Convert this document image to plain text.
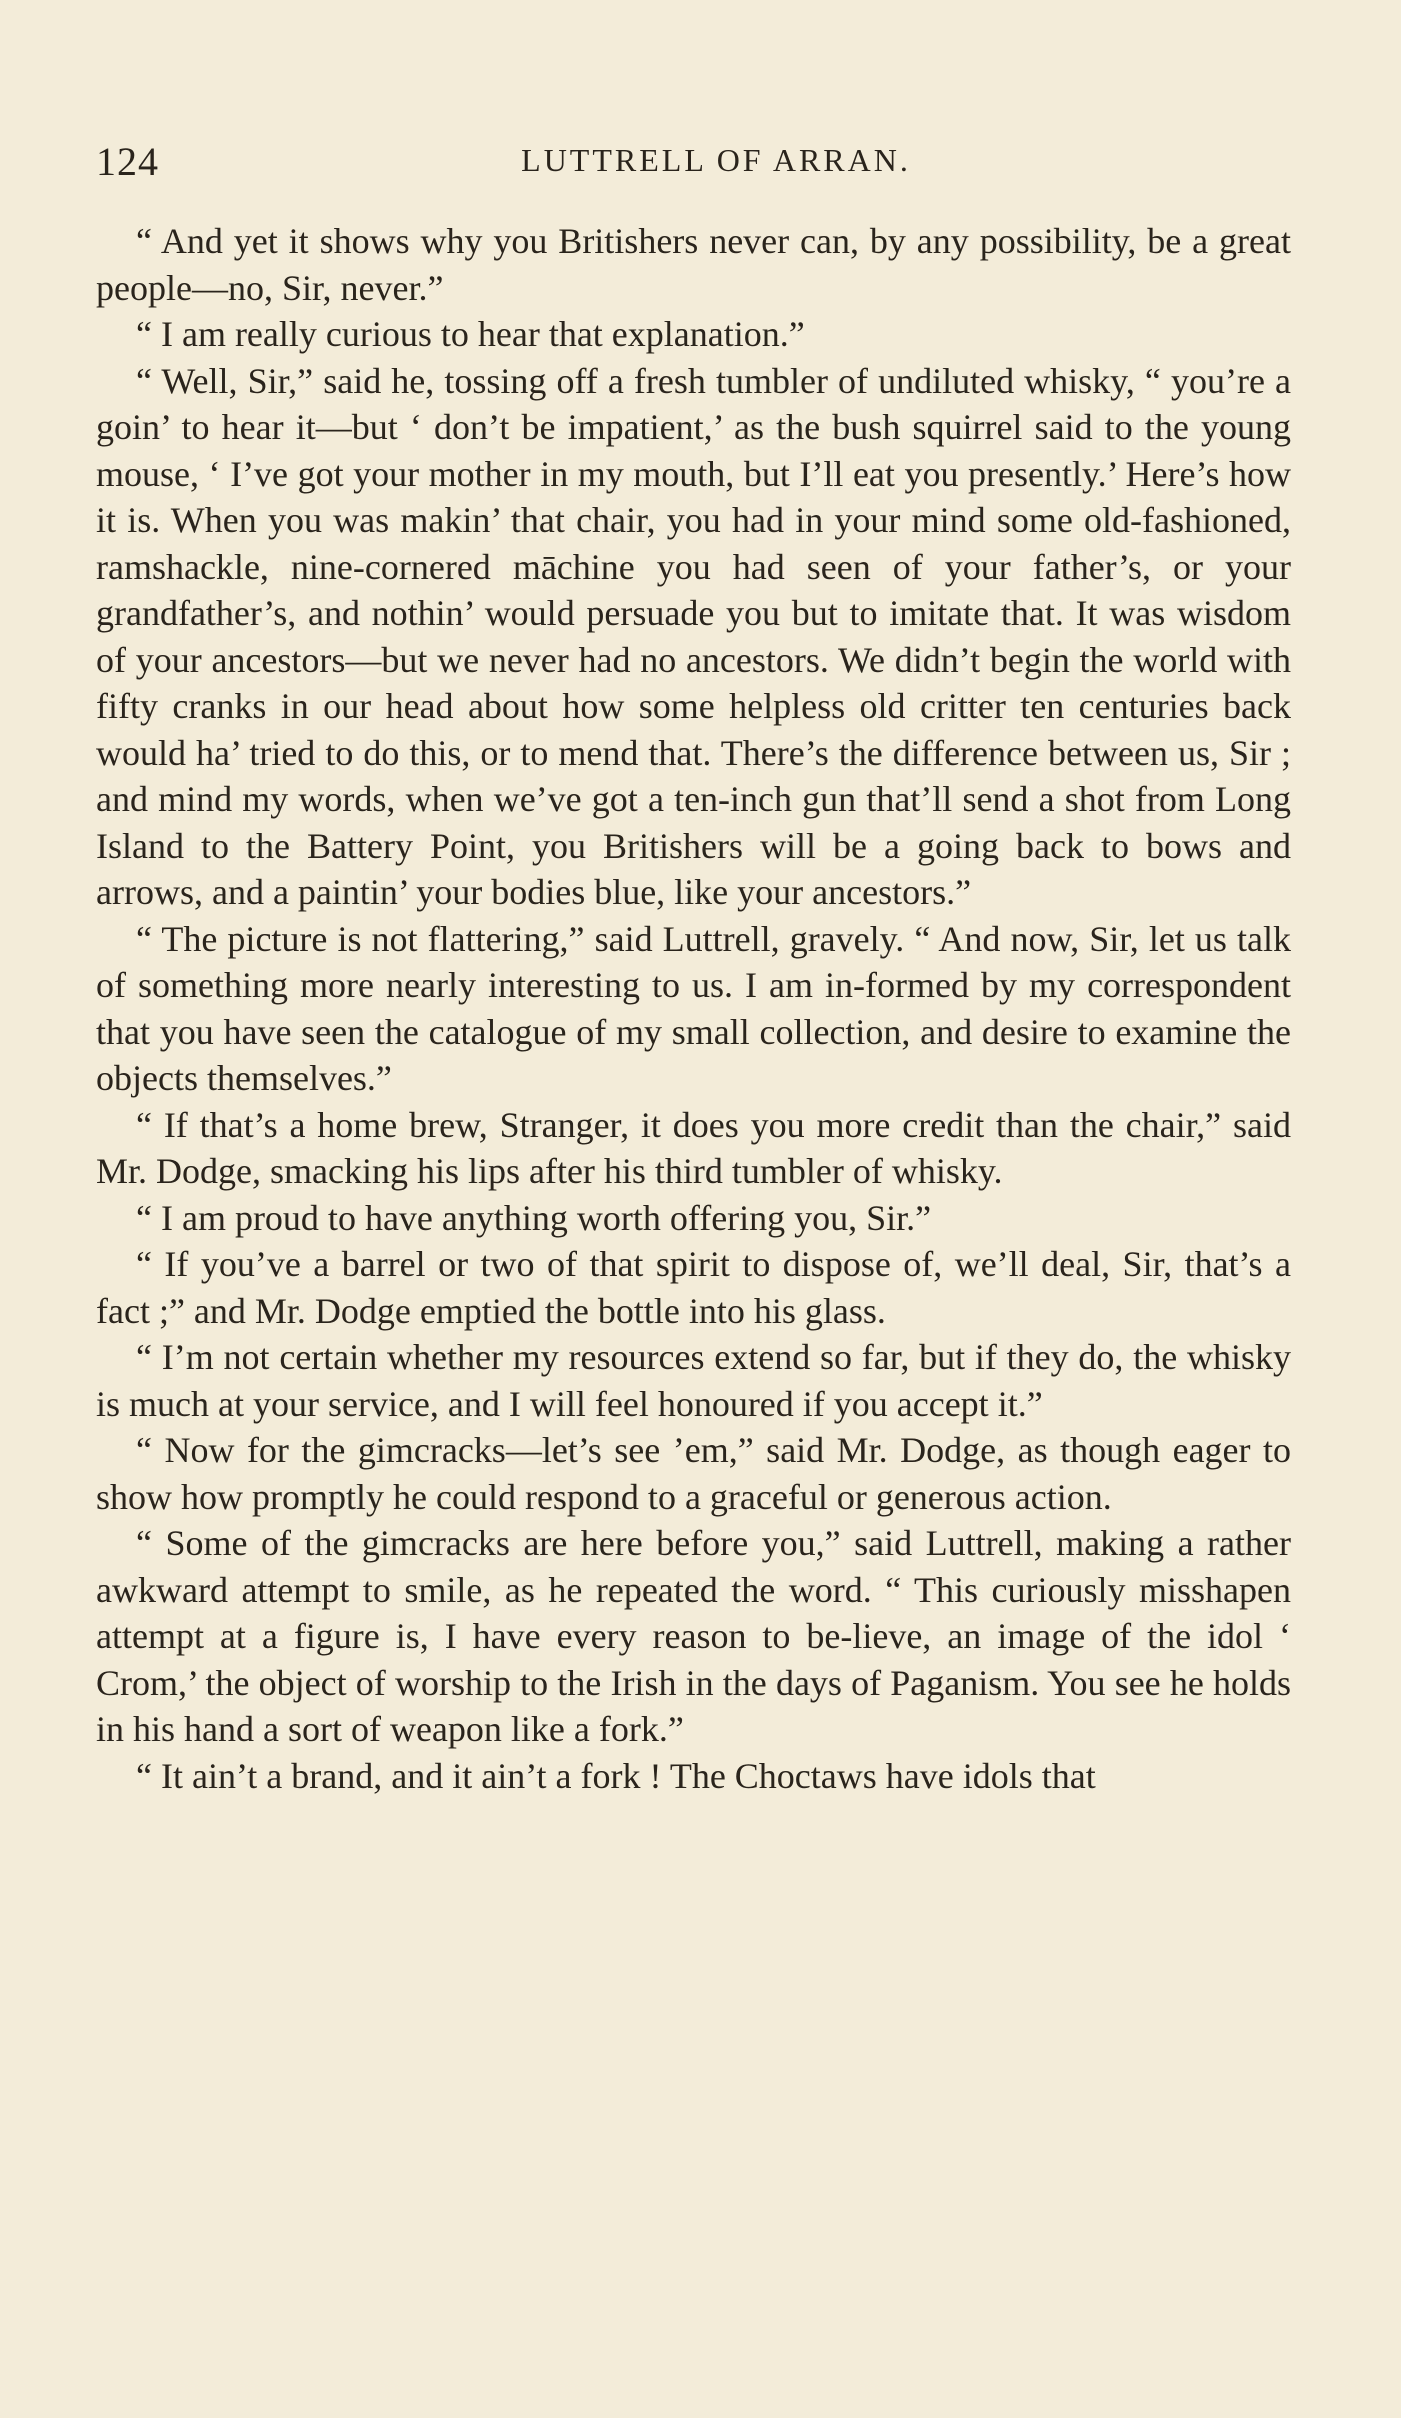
124	LUTTRELL OF ARRAN.

“ And yet it shows why you Britishers never can, by any possibility, be a great people—no, Sir, never.”

“ I am really curious to hear that explanation.”

“ Well, Sir,” said he, tossing off a fresh tumbler of undiluted whisky, “ you’re a goin’ to hear it—but ‘ don’t be impatient,’ as the bush squirrel said to the young mouse, ‘ I’ve got your mother in my mouth, but I’ll eat you presently.’ Here’s how it is. When you was makin’ that chair, you had in your mind some old-fashioned, ramshackle, nine-cornered māchine you had seen of your father’s, or your grandfather’s, and nothin’ would persuade you but to imitate that. It was wisdom of your ancestors—but we never had no ancestors. We didn’t begin the world with fifty cranks in our head about how some helpless old critter ten centuries back would ha’ tried to do this, or to mend that. There’s the difference between us, Sir ; and mind my words, when we’ve got a ten-inch gun that’ll send a shot from Long Island to the Battery Point, you Britishers will be a going back to bows and arrows, and a paintin’ your bodies blue, like your ancestors.”

“ The picture is not flattering,” said Luttrell, gravely. “ And now, Sir, let us talk of something more nearly interesting to us. I am in-formed by my correspondent that you have seen the catalogue of my small collection, and desire to examine the objects themselves.”

“ If that’s a home brew, Stranger, it does you more credit than the chair,” said Mr. Dodge, smacking his lips after his third tumbler of whisky.

“ I am proud to have anything worth offering you, Sir.”

“ If you’ve a barrel or two of that spirit to dispose of, we’ll deal, Sir, that’s a fact ;” and Mr. Dodge emptied the bottle into his glass.

“ I’m not certain whether my resources extend so far, but if they do, the whisky is much at your service, and I will feel honoured if you accept it.”

“ Now for the gimcracks—let’s see ’em,” said Mr. Dodge, as though eager to show how promptly he could respond to a graceful or generous action.

“ Some of the gimcracks are here before you,” said Luttrell, making a rather awkward attempt to smile, as he repeated the word. “ This curiously misshapen attempt at a figure is, I have every reason to be-lieve, an image of the idol ‘ Crom,’ the object of worship to the Irish in the days of Paganism. You see he holds in his hand a sort of weapon like a fork.”

“ It ain’t a brand, and it ain’t a fork ! The Choctaws have idols that
